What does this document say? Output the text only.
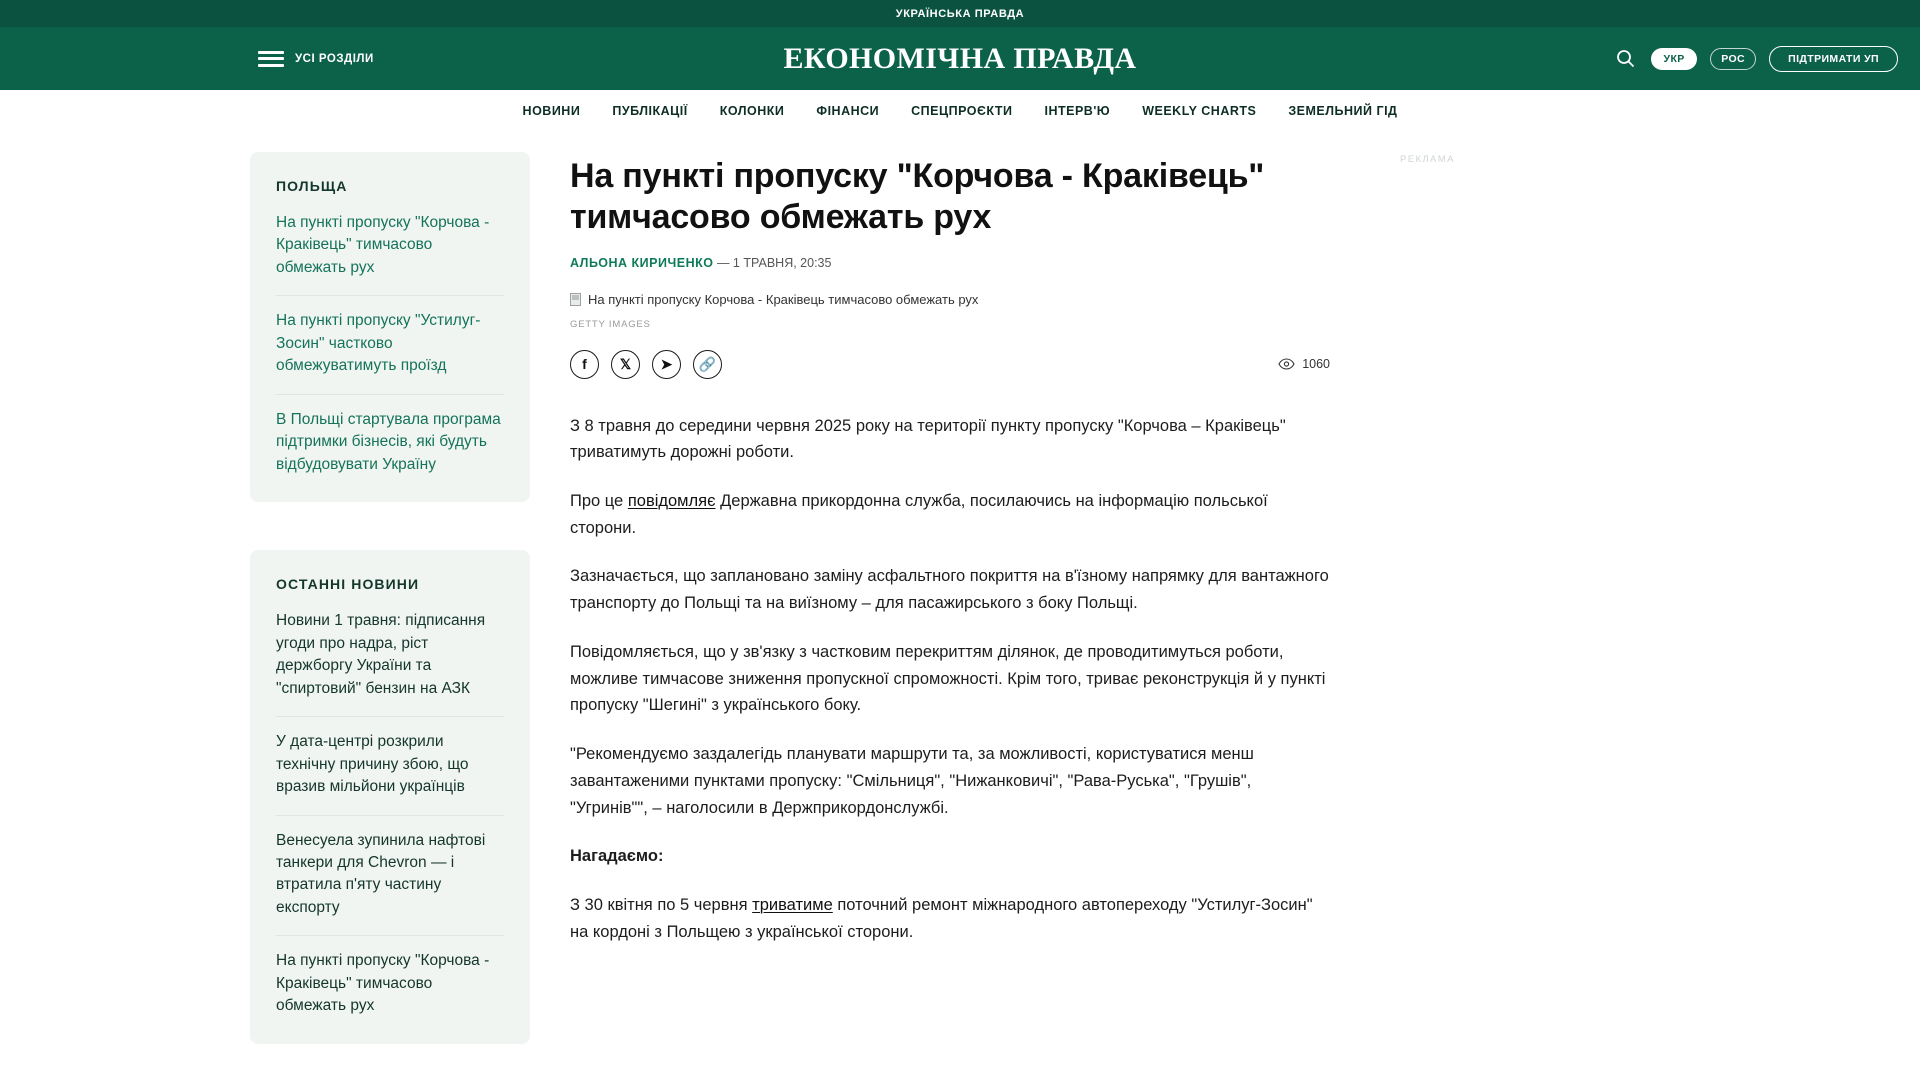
УКРАЇНСЬКА ПРАВДА
УСІ РОЗДІЛИ	ЕКОНОМІЧНА ПРАВДА	УКР	РОС	ПІДТРИМАТИ УП
НОВИНИ	ПУБЛІКАЦІЇ	КОЛОНКИ	ФІНАНСИ	СПЕЦПРОЄКТИ	ІНТЕРВ'Ю	WEEKLY CHARTS	ЗЕМЕЛЬНИЙ ГІД
ПОЛЬЩА
На пункті пропуску "Корчова - Краківець" тимчасово обмежать рух
На пункті пропуску "Устилуг-Зосин" частково обмежуватимуть проїзд
В Польщі стартувала програма підтримки бізнесів, які будуть відбудовувати Україну
ОСТАННІ НОВИНИ
Новини 1 травня: підписання угоди про надра, ріст держборгу України та "спиртовий" бензин на АЗК
У дата-центрі розкрили технічну причину збою, що вразив мільйони українців
Венесуела зупинила нафтові танкери для Chevron — і втратила п'яту частину експорту
На пункті пропуску "Корчова - Краківець" тимчасово обмежать рух
На пункті пропуску "Корчова - Краківець" тимчасово обмежать рух
АЛЬОНА КИРИЧЕНКО — 1 ТРАВНЯ, 20:35
На пункті пропуску Корчова - Краківець тимчасово обмежать рух
GETTY IMAGES
f	𝕏	➤	🔗	1060

З 8 травня до середини червня 2025 року на території пункту пропуску "Корчова – Краківець" триватимуть дорожні роботи.

Про це повідомляє Державна прикордонна служба, посилаючись на інформацію польської сторони.

Зазначається, що заплановано заміну асфальтного покриття на в'їзному напрямку для вантажного транспорту до Польщі та на виїзному – для пасажирського з боку Польщі.

Повідомляється, що у зв'язку з частковим перекриттям ділянок, де проводитимуться роботи, можливе тимчасове зниження пропускної спроможності. Крім того, триває реконструкція й у пункті пропуску "Шегині" з українського боку.

"Рекомендуємо заздалегідь планувати маршрути та, за можливості, користуватися менш завантаженими пунктами пропуску: "Смільниця", "Нижанковичі", "Рава-Руська", "Грушів", "Угринів"", – наголосили в Держприкордонслужбі.

Нагадаємо:

З 30 квітня по 5 червня триватиме поточний ремонт міжнародного автопереходу "Устилуг-Зосин" на кордоні з Польщею з української сторони.

РЕКЛАМА
